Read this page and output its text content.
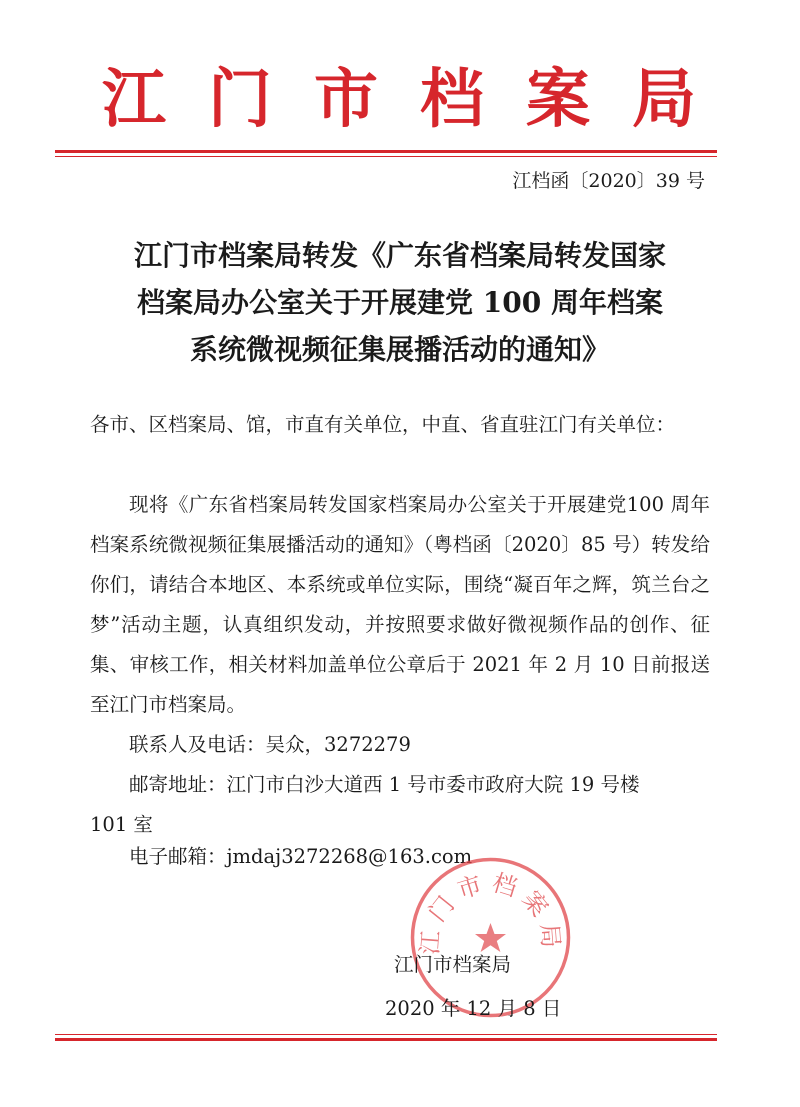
江门市档案局
江档函〔2020〕39 号
江门市档案局转发《广东省档案局转发国家
档案局办公室关于开展建党 100 周年档案
系统微视频征集展播活动的通知》
各市、区档案局、馆，市直有关单位，中直、省直驻江门有关单位：
现将《广东省档案局转发国家档案局办公室关于开展建党100 周年档案系统微视频征集展播活动的通知》（粤档函〔2020〕85 号）转发给你们，请结合本地区、本系统或单位实际，围绕“凝百年之辉，筑兰台之梦”活动主题，认真组织发动，并按照要求做好微视频作品的创作、征集、审核工作，相关材料加盖单位公章后于 2021 年 2 月 10 日前报送至江门市档案局。
联系人及电话：吴众，3272279
邮寄地址：江门市白沙大道西 1 号市委市政府大院 19 号楼
101 室
电子邮箱：jmdaj3272268@163.com
江门市档案局
江门市档案局
2020 年 12 月 8 日
